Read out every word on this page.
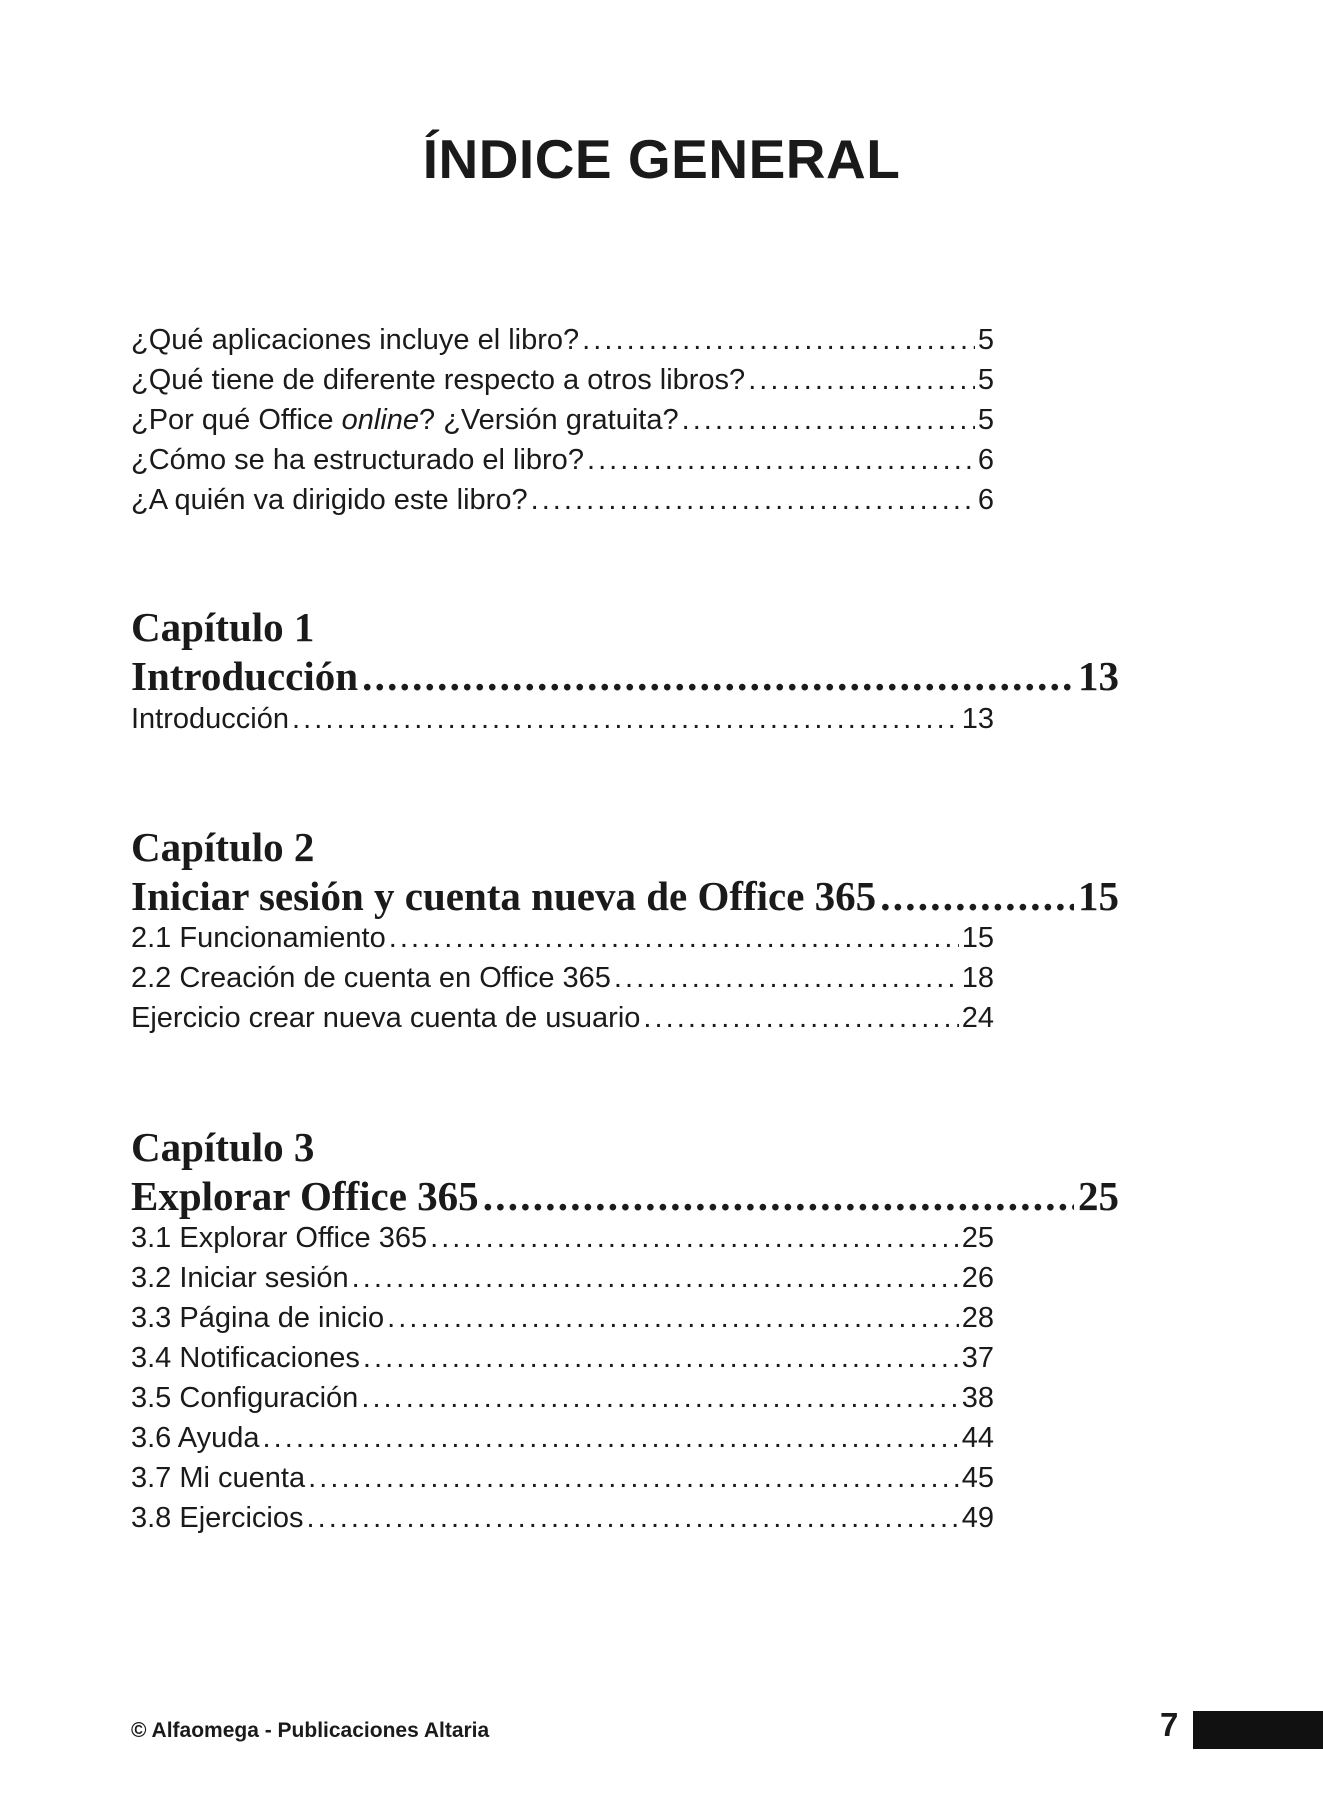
ÍNDICE GENERAL
¿Qué aplicaciones incluye el libro? . . .	5
¿Qué tiene de diferente respecto a otros libros? . . .	5
¿Por qué Office online? ¿Versión gratuita? . . .	5
¿Cómo se ha estructurado el libro? . . .	6
¿A quién va dirigido este libro? . . .	6
Capítulo 1
Introducción . . .	13
Introducción . . .	13
Capítulo 2
Iniciar sesión y cuenta nueva de Office 365 . . .	15
2.1 Funcionamiento . . .	15
2.2 Creación de cuenta en Office 365 . . .	18
Ejercicio crear nueva cuenta de usuario . . .	24
Capítulo 3
Explorar Office 365 . . .	25
3.1 Explorar Office 365 . . .	25
3.2 Iniciar sesión . . .	26
3.3 Página de inicio . . .	28
3.4 Notificaciones . . .	37
3.5 Configuración . . .	38
3.6 Ayuda . . .	44
3.7 Mi cuenta . . .	45
3.8 Ejercicios . . .	49
© Alfaomega - Publicaciones Altaria	7
